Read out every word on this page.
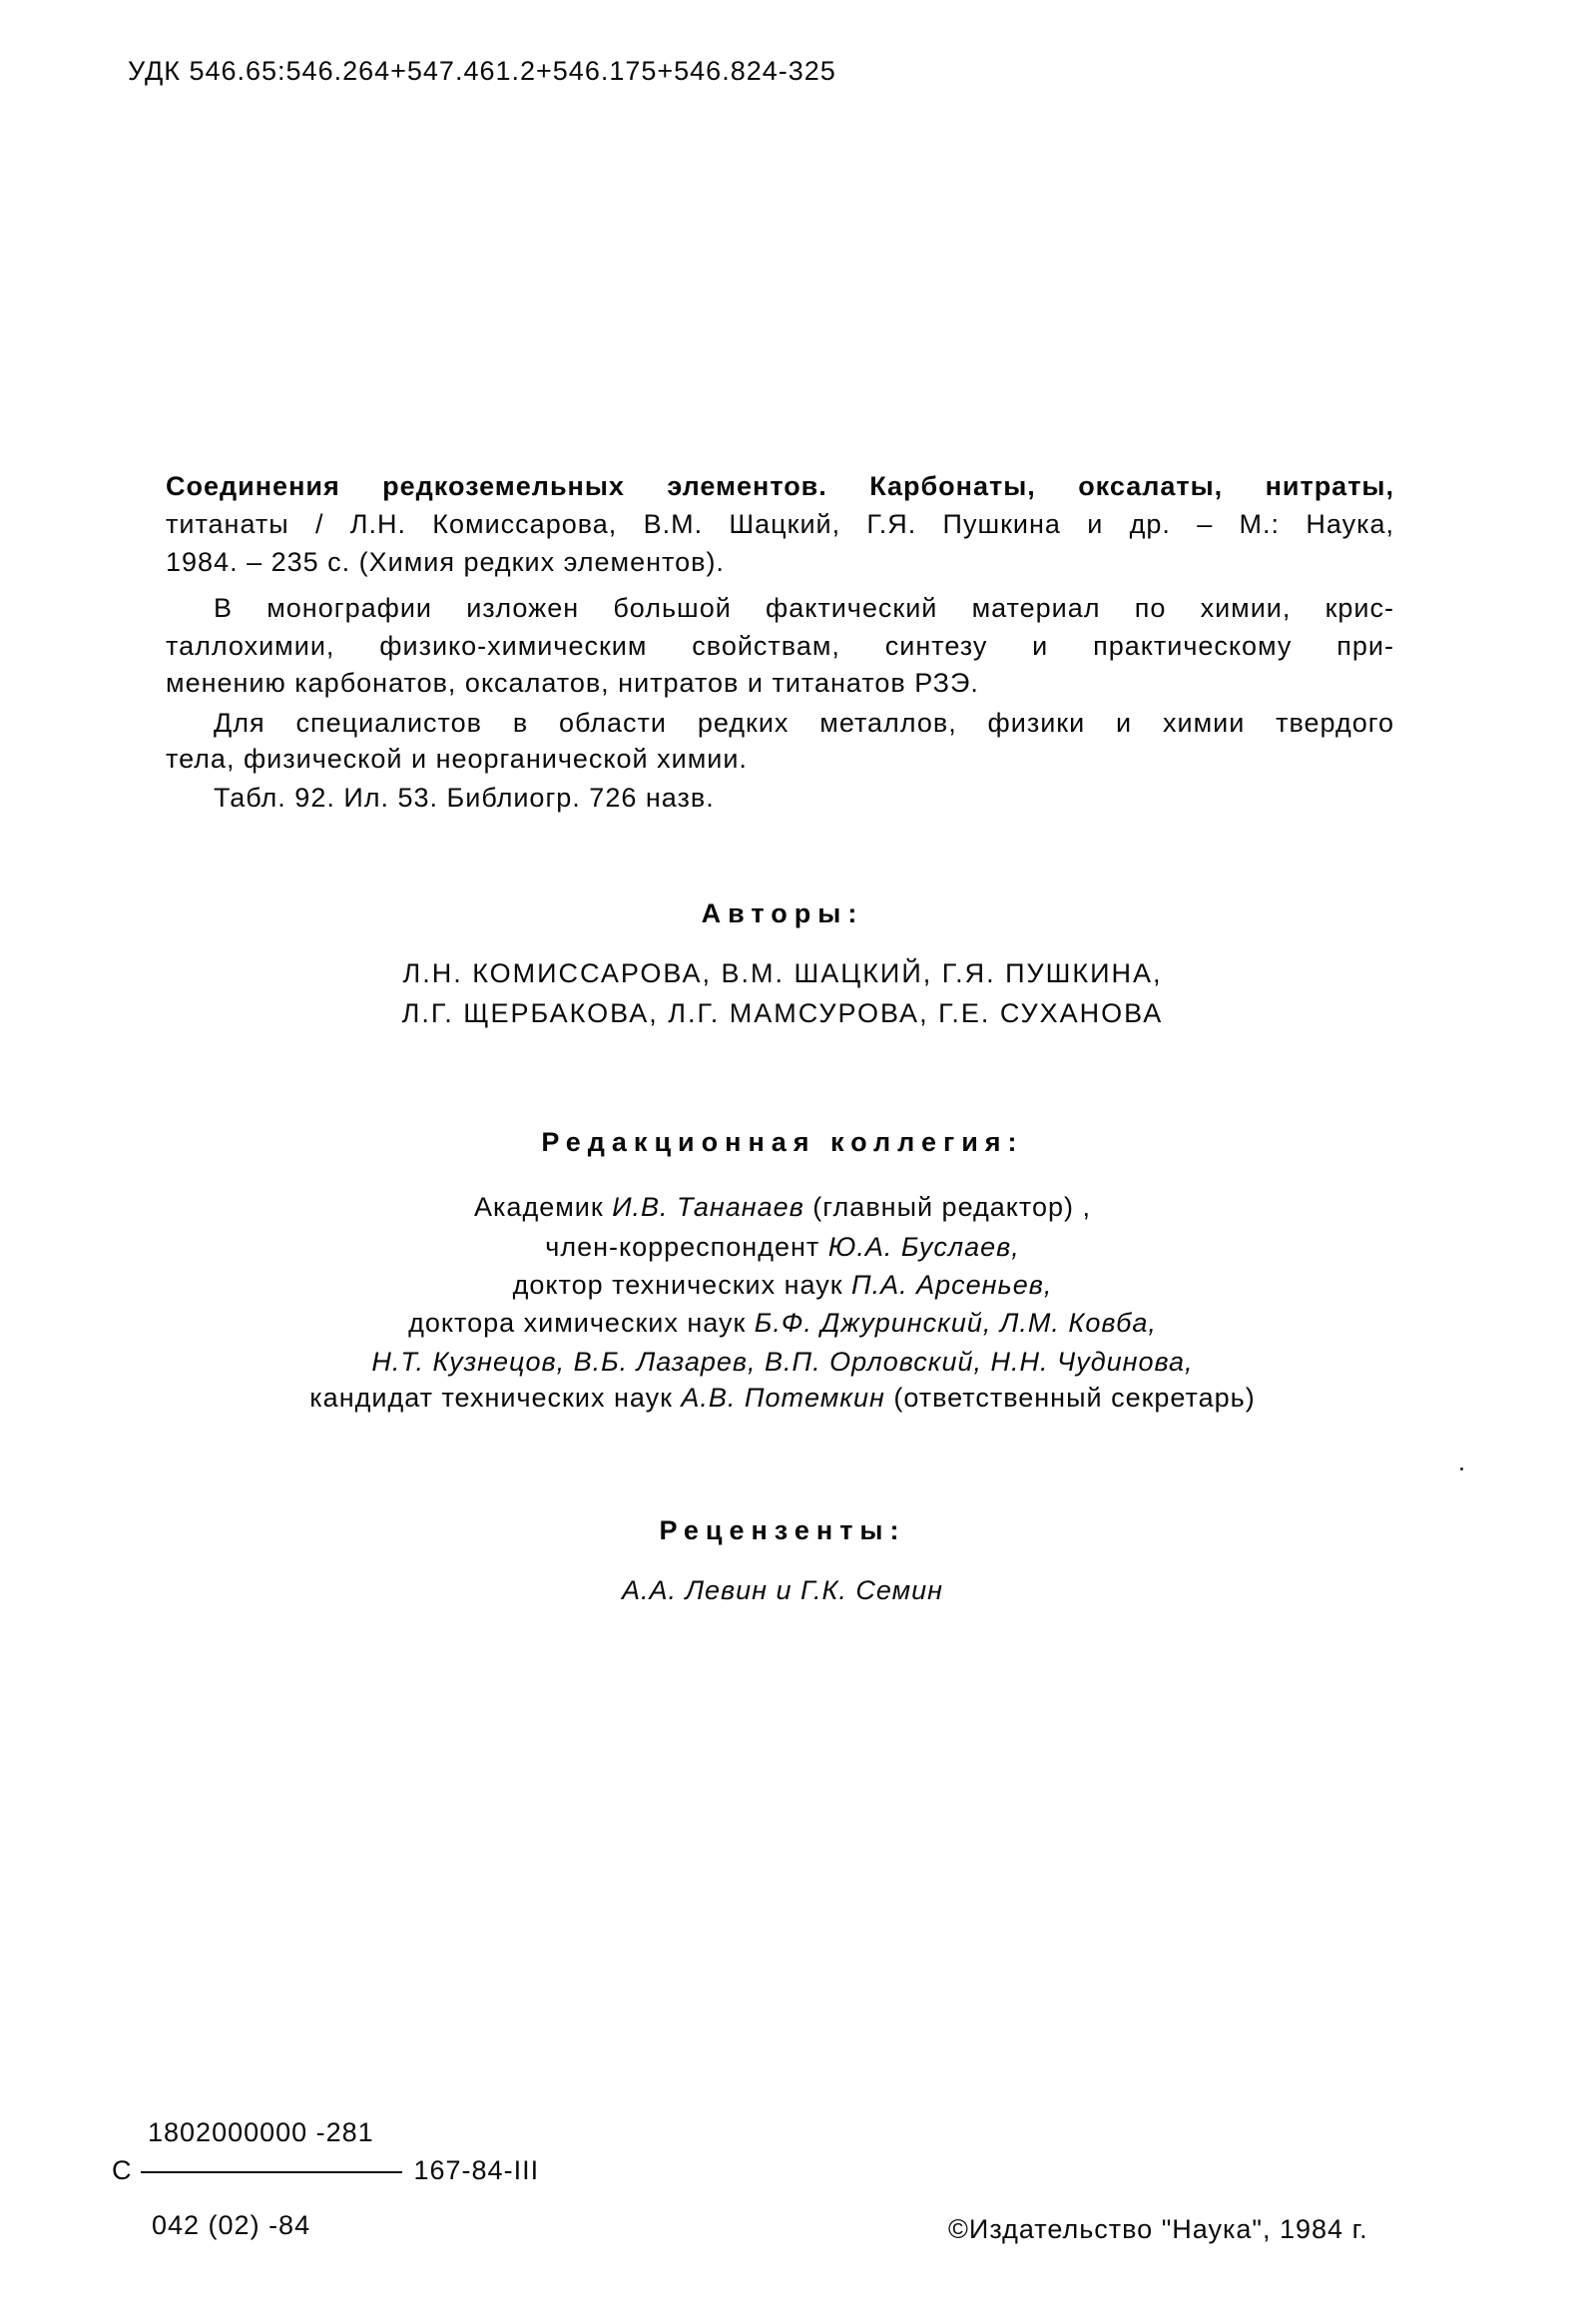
УДК 546.65:546.264+547.461.2+546.175+546.824-325
Соединения редкоземельных элементов. Карбонаты, оксалаты, нитраты,
титанаты / Л.Н. Комиссарова, В.М. Шацкий, Г.Я. Пушкина и др. – М.: Наука,
1984. – 235 с. (Химия редких элементов).
В монографии изложен большой фактический материал по химии, крис-
таллохимии, физико-химическим свойствам, синтезу и практическому при-
менению карбонатов, оксалатов, нитратов и титанатов РЗЭ.
Для специалистов в области редких металлов, физики и химии твердого
тела, физической и неорганической химии.
Табл. 92. Ил. 53. Библиогр. 726 назв.
Авторы:
Л.Н. КОМИССАРОВА, В.М. ШАЦКИЙ, Г.Я. ПУШКИНА,
Л.Г. ЩЕРБАКОВА, Л.Г. МАМСУРОВА, Г.Е. СУХАНОВА
Редакционная коллегия:
Академик И.В. Тананаев (главный редактор) ,
член-корреспондент Ю.А. Буслаев,
доктор технических наук П.А. Арсеньев,
доктора химических наук Б.Ф. Джуринский, Л.М. Ковба,
Н.Т. Кузнецов, В.Б. Лазарев, В.П. Орловский, Н.Н. Чудинова,
кандидат технических наук А.В. Потемкин (ответственный секретарь)
Рецензенты:
А.А. Левин и Г.К. Семин
1802000000 -281
С	167-84-III
042 (02) -84	©Издательство "Наука", 1984 г.
